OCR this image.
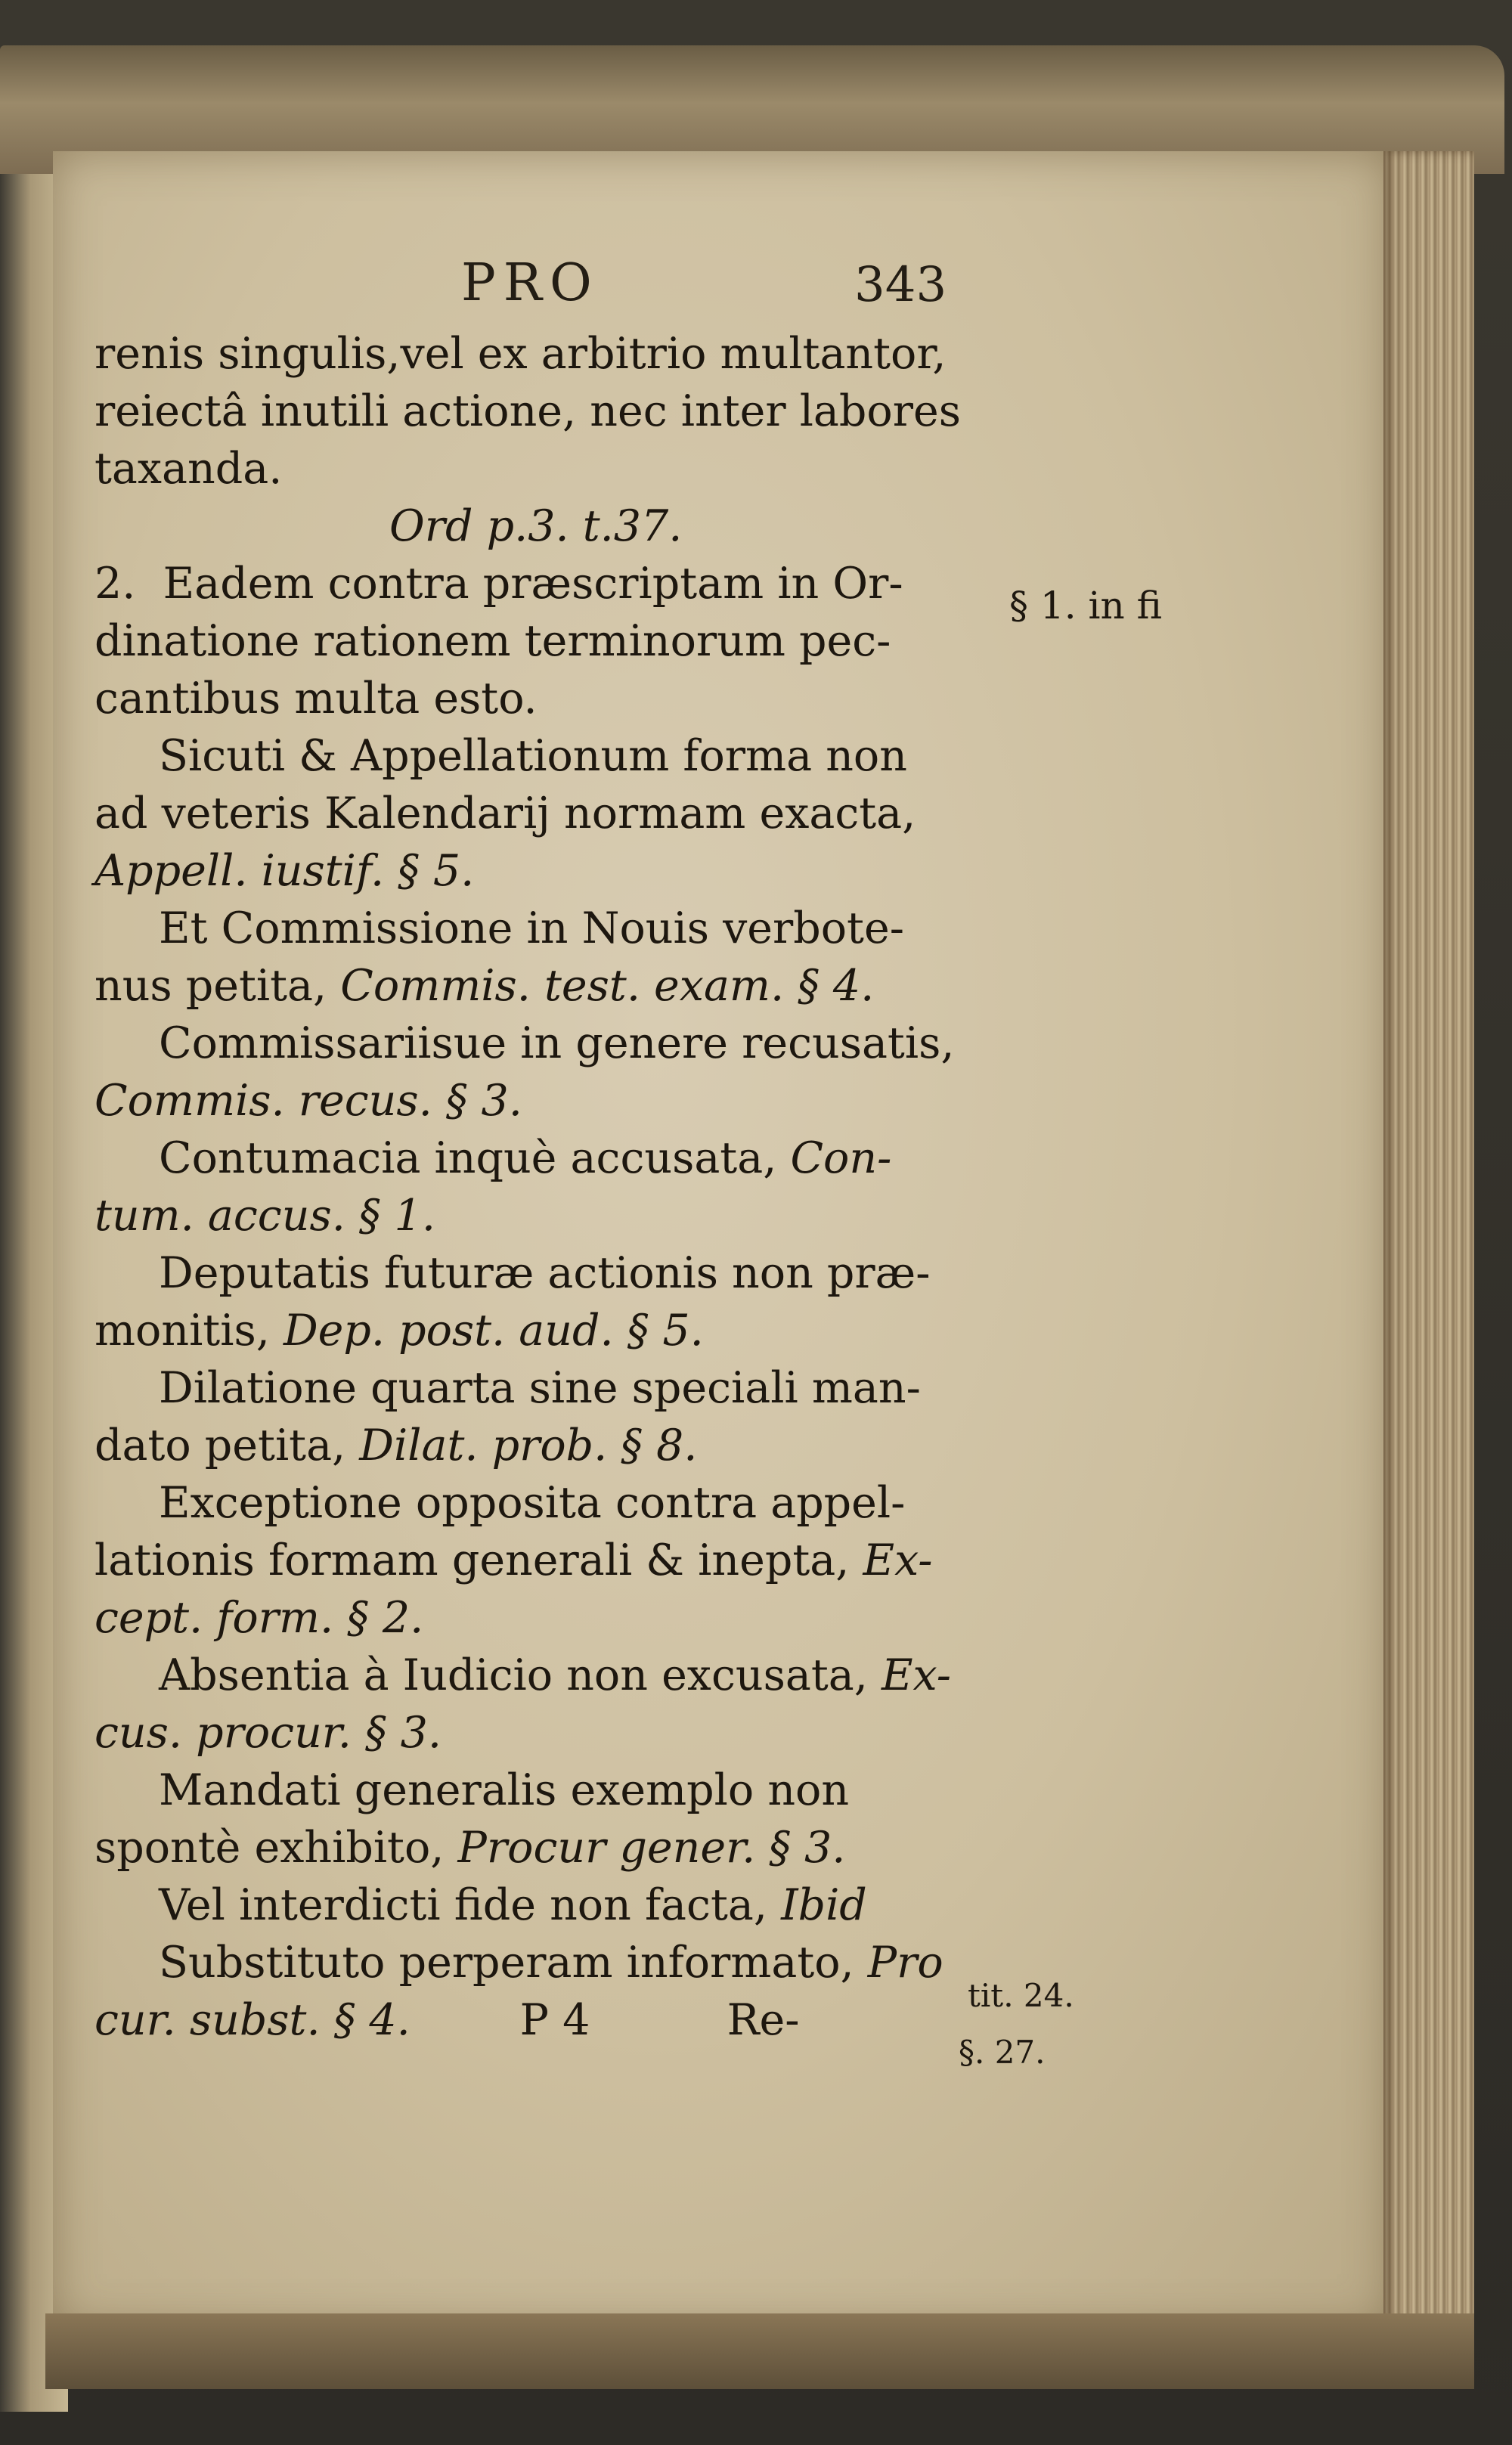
PRO	343
renis singulis,vel ex arbitrio multantor,
reiectâ inutili actione, nec inter labores
taxanda.
Ord p.3. t.37.
2.  Eadem contra præscriptam in Or-
dinatione rationem terminorum pec-
cantibus multa esto.
Sicuti & Appellationum forma non
ad veteris Kalendarij normam exacta,
Appell. iustif. § 5.
Et Commissione in Nouis verbote-
nus petita, Commis. test. exam. § 4.
Commissariisue in genere recusatis,
Commis. recus. § 3.
Contumacia inquè accusata, Con-
tum. accus. § 1.
Deputatis futuræ actionis non præ-
monitis, Dep. post. aud. § 5.
Dilatione quarta sine speciali man-
dato petita, Dilat. prob. § 8.
Exceptione opposita contra appel-
lationis formam generali & inepta, Ex-
cept. form. § 2.
Absentia à Iudicio non excusata, Ex-
cus. procur. § 3.
Mandati generalis exemplo non
spontè exhibito, Procur gener. § 3.
Vel interdicti fide non facta, Ibid
Substituto perperam informato, Pro
cur. subst. § 4.        P 4          Re-
§ 1. in fi
tit. 24.
§. 27.
